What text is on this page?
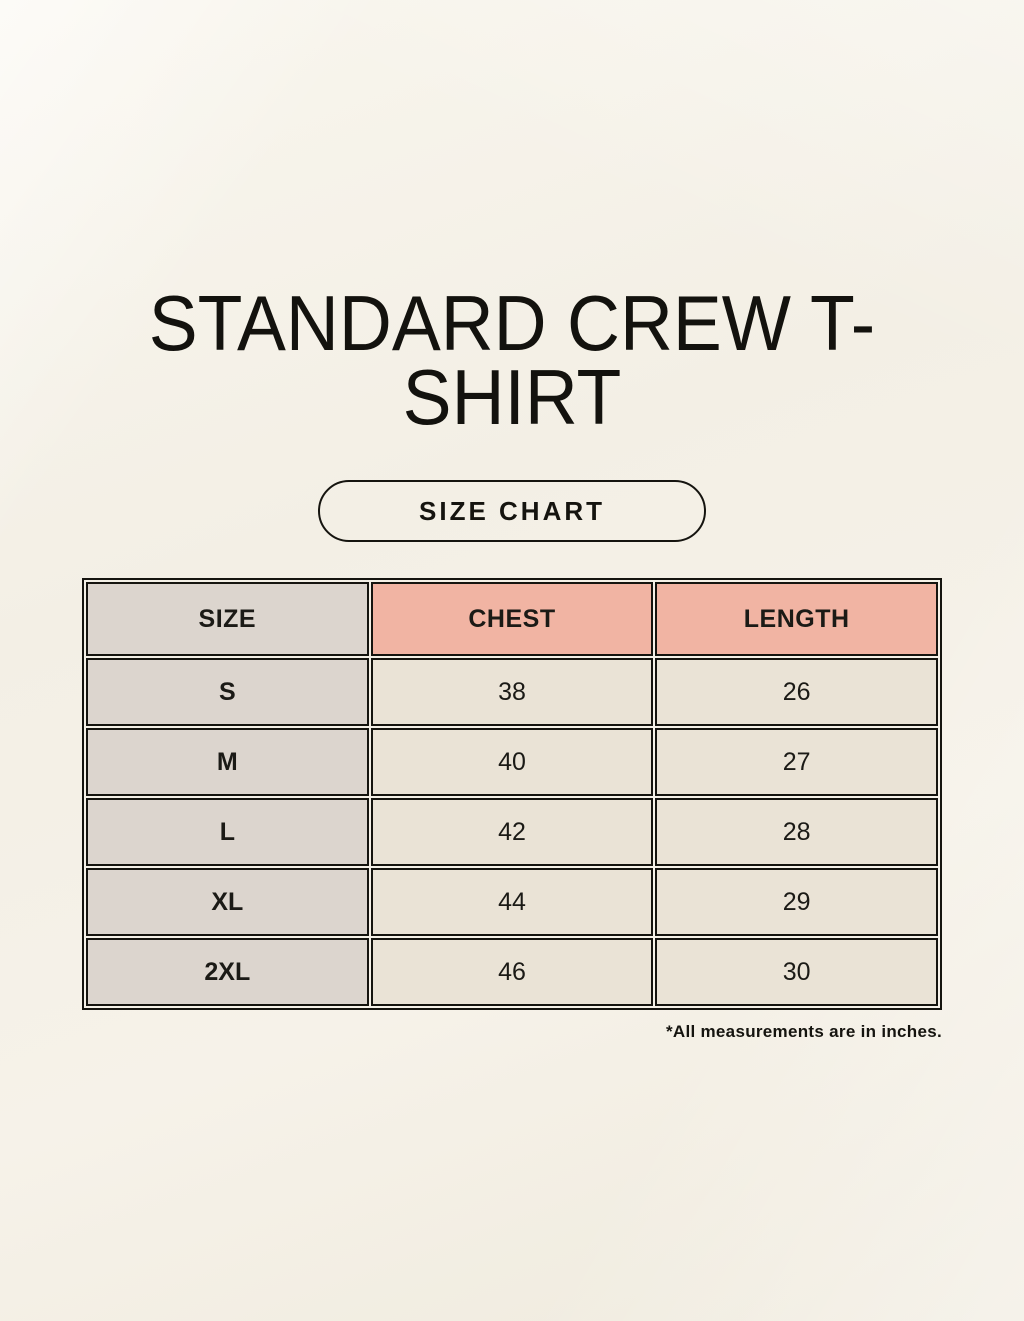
STANDARD CREW T-SHIRT
SIZE CHART
SIZE	CHEST	LENGTH
S	38	26
M	40	27
L	42	28
XL	44	29
2XL	46	30

*All measurements are in inches.
